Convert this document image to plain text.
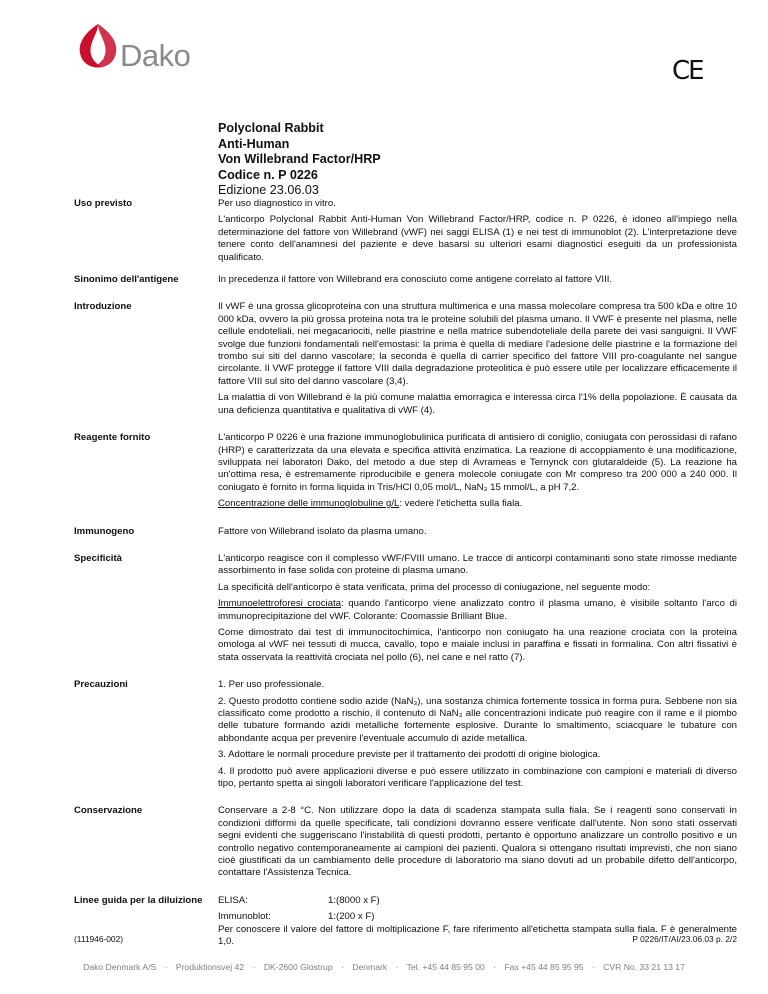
Dako	CE
Polyclonal Rabbit
Anti-Human
Von Willebrand Factor/HRP
Codice n. P 0226
Edizione 23.06.03
Uso previsto	Per uso diagnostico in vitro.

L'anticorpo Polyclonal Rabbit Anti-Human Von Willebrand Factor/HRP, codice n. P 0226, è idoneo all'impiego nella determinazione del fattore von Willebrand (vWF) nei saggi ELISA (1) e nei test di immunoblot (2). L'interpretazione deve tenere conto dell'anamnesi del paziente e deve basarsi su ulteriori esami diagnostici eseguiti da un professionista qualificato.

Sinonimo dell'antigene	In precedenza il fattore von Willebrand era conosciuto come antigene correlato al fattore VIII.

Introduzione	Il vWF è una grossa glicoproteina con una struttura multimerica e una massa molecolare compresa tra 500 kDa e oltre 10 000 kDa, ovvero la più grossa proteina nota tra le proteine solubili del plasma umano. Il VWF è presente nel plasma, nelle cellule endoteliali, nei megacariociti, nelle piastrine e nella matrice subendoteliale della parete dei vasi sanguigni. Il VWF svolge due funzioni fondamentali nell'emostasi: la prima è quella di mediare l'adesione delle piastrine e la formazione del trombo sui siti del danno vascolare; la seconda è quella di carrier specifico del fattore VIII pro-coagulante nel sangue circolante. Il VWF protegge il fattore VIII dalla degradazione proteolitica è può essere utile per localizzare efficacemente il fattore VIII sul sito del danno vascolare (3,4).

La malattia di von Willebrand è la più comune malattia emorragica e interessa circa l'1% della popolazione. È causata da una deficienza quantitativa e qualitativa di vWF (4).

Reagente fornito	L'anticorpo P 0226 è una frazione immunoglobulinica purificata di antisiero di coniglio, coniugata con perossidasi di rafano (HRP) e caratterizzata da una elevata e specifica attività enzimatica. La reazione di accoppiamento è una modificazione, sviluppata nei laboratori Dako, del metodo a due step di Avrameas e Ternynck con glutaraldeide (5). La reazione ha un'ottima resa, è estremamente riproducibile e genera molecole coniugate con Mr compreso tra 200 000 a 240 000. Il coniugato è fornito in forma liquida in Tris/HCl 0,05 mol/L, NaN₃ 15 mmol/L, a pH 7,2.

Concentrazione delle immunoglobuline g/L: vedere l'etichetta sulla fiala.

Immunogeno	Fattore von Willebrand isolato da plasma umano.

Specificità	L'anticorpo reagisce con il complesso vWF/FVIII umano. Le tracce di anticorpi contaminanti sono state rimosse mediante assorbimento in fase solida con proteine di plasma umano.

La specificità dell'anticorpo è stata verificata, prima del processo di coniugazione, nel seguente modo:

Immunoelettroforesi crociata: quando l'anticorpo viene analizzato contro il plasma umano, è visibile soltanto l'arco di immunoprecipitazione del vWF. Colorante: Coomassie Brilliant Blue.

Come dimostrato dai test di immunocitochimica, l'anticorpo non coniugato ha una reazione crociata con la proteina omologa al vWF nei tessuti di mucca, cavallo, topo e maiale inclusi in paraffina e fissati in formalina. Con altri fissativi è stata osservata la reattività crociata nel pollo (6), nel cane e nel ratto (7).

Precauzioni	1. Per uso professionale.

2. Questo prodotto contiene sodio azide (NaN₃), una sostanza chimica fortemente tossica in forma pura. Sebbene non sia classificato come prodotto a rischio, il contenuto di NaN₃ alle concentrazioni indicate può reagire con il rame e il piombo delle tubature formando azidi metalliche fortemente esplosive. Durante lo smaltimento, sciacquare le tubature con abbondante acqua per prevenire l'eventuale accumulo di azide metallica.

3. Adottare le normali procedure previste per il trattamento dei prodotti di origine biologica.

4. Il prodotto può avere applicazioni diverse e può essere utilizzato in combinazione con campioni e materiali di diverso tipo, pertanto spetta ai singoli laboratori verificare l'applicazione del test.

Conservazione	Conservare a 2-8 °C. Non utilizzare dopo la data di scadenza stampata sulla fiala. Se i reagenti sono conservati in condizioni difformi da quelle specificate, tali condizioni dovranno essere verificate dall'utente. Non sono stati osservati segni evidenti che suggeriscano l'instabilità di questi prodotti, pertanto è opportuno analizzare un controllo positivo e un controllo negativo contemporaneamente ai campioni dei pazienti. Qualora si ottengano risultati imprevisti, che non siano cioè giustificati da un cambiamento delle procedure di laboratorio ma siano dovuti ad un probabile difetto dell'anticorpo, contattare l'Assistenza Tecnica.

Linee guida per la diluizione	ELISA:	1:(8000 x F)
Immunoblot:	1:(200 x F)

Per conoscere il valore del fattore di moltiplicazione F, fare riferimento all'etichetta stampata sulla fiala. F è generalmente 1,0.

(111946-002)	P 0226/IT/AI/23.06.03 p. 2/2
Dako Denmark A/S · Produktionsvej 42 · DK-2600 Glostrup · Denmark · Tel. +45 44 85 95 00 · Fax +45 44 85 95 95 · CVR No. 33 21 13 17
